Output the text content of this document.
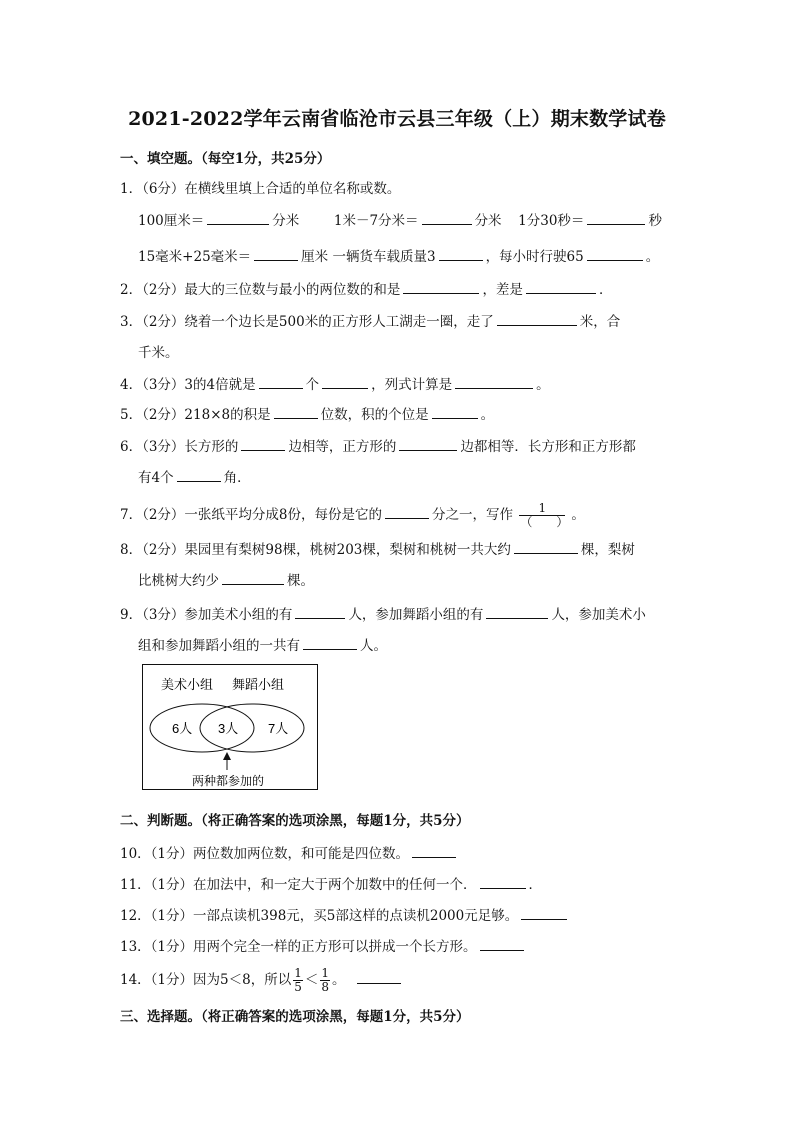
2021-2022学年云南省临沧市云县三年级（上）期末数学试卷
一、填空题。（每空1分，共25分）
1．（6分）在横线里填上合适的单位名称或数。
100厘米＝	分米	1米－7分米＝	分米 1分30秒＝	秒
15毫米+25毫米＝	厘米 一辆货车载质量3	，每小时行驶65	。
2．（2分）最大的三位数与最小的两位数的和是	，差是	．
3．（2分）绕着一个边长是500米的正方形人工湖走一圈，走了	米，合
千米。
4．（3分）3的4倍就是	个	，列式计算是	。
5．（2分）218×8的积是	位数，积的个位是	。
6．（3分）长方形的	边相等，正方形的	边都相等．长方形和正方形都
有4个	角．
7．（2分）一张纸平均分成8份，每份是它的	分之一，写作 $\frac{1}{( )}$ 。
8．（2分）果园里有梨树98棵，桃树203棵，梨树和桃树一共大约	棵，梨树
比桃树大约少	棵。
9．（3分）参加美术小组的有	人，参加舞蹈小组的有	人，参加美术小
组和参加舞蹈小组的一共有	人。
美术小组 舞蹈小组
6人 3人 7人
两种都参加的
二、判断题。（将正确答案的选项涂黑，每题1分，共5分）
10．（1分）两位数加两位数，和可能是四位数。
11．（1分）在加法中，和一定大于两个加数中的任何一个．	．
12．（1分）一部点读机398元，买5部这样的点读机2000元足够。
13．（1分）用两个完全一样的正方形可以拼成一个长方形。
14．（1分）因为5＜8，所以 $\frac{1}{5} < \frac{1}{8}$ 。
三、选择题。（将正确答案的选项涂黑，每题1分，共5分）
